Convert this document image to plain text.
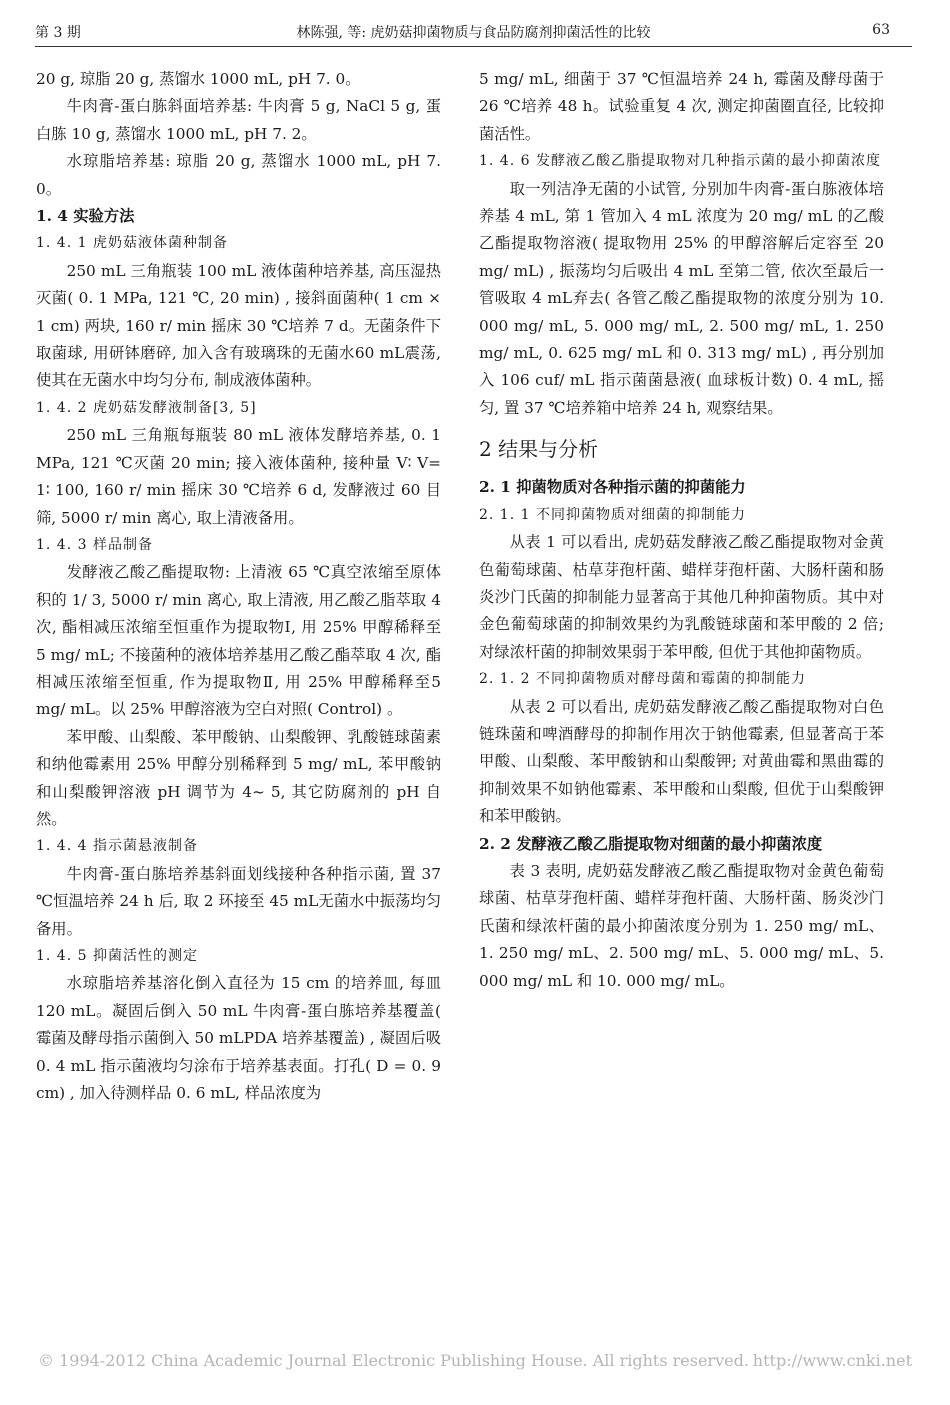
第 3 期	林陈强, 等: 虎奶菇抑菌物质与食品防腐剂抑菌活性的比较	63

20 g, 琼脂 20 g, 蒸馏水 1000 mL, pH 7. 0。

牛肉膏-蛋白胨斜面培养基: 牛肉膏 5 g, NaCl 5 g, 蛋白胨 10 g, 蒸馏水 1000 mL, pH 7. 2。

水琼脂培养基: 琼脂 20 g, 蒸馏水 1000 mL, pH 7. 0。

1. 4 实验方法

1. 4. 1 虎奶菇液体菌种制备

250 mL 三角瓶装 100 mL 液体菌种培养基, 高压湿热灭菌( 0. 1 MPa, 121 ℃, 20 min) , 接斜面菌种( 1 cm × 1 cm) 两块, 160 r/ min 摇床 30 ℃培养 7 d。无菌条件下取菌球, 用研钵磨碎, 加入含有玻璃珠的无菌水60 mL震荡, 使其在无菌水中均匀分布, 制成液体菌种。

1. 4. 2 虎奶菇发酵液制备[3, 5]

250 mL 三角瓶每瓶装 80 mL 液体发酵培养基, 0. 1 MPa, 121 ℃灭菌 20 min; 接入液体菌种, 接种量 V∶ V= 1∶ 100, 160 r/ min 摇床 30 ℃培养 6 d, 发酵液过 60 目筛, 5000 r/ min 离心, 取上清液备用。

1. 4. 3 样品制备

发酵液乙酸乙酯提取物: 上清液 65 ℃真空浓缩至原体积的 1/ 3, 5000 r/ min 离心, 取上清液, 用乙酸乙脂萃取 4 次, 酯相减压浓缩至恒重作为提取物Ⅰ, 用 25% 甲醇稀释至 5 mg/ mL; 不接菌种的液体培养基用乙酸乙酯萃取 4 次, 酯相减压浓缩至恒重, 作为提取物Ⅱ, 用 25% 甲醇稀释至5 mg/ mL。以 25% 甲醇溶液为空白对照( Control) 。

苯甲酸、山梨酸、苯甲酸钠、山梨酸钾、乳酸链球菌素和纳他霉素用 25% 甲醇分别稀释到 5 mg/ mL, 苯甲酸钠和山梨酸钾溶液 pH 调节为 4~ 5, 其它防腐剂的 pH 自然。

1. 4. 4 指示菌悬液制备

牛肉膏-蛋白胨培养基斜面划线接种各种指示菌, 置 37 ℃恒温培养 24 h 后, 取 2 环接至 45 mL无菌水中振荡均匀备用。

1. 4. 5 抑菌活性的测定

水琼脂培养基溶化倒入直径为 15 cm 的培养皿, 每皿 120 mL。凝固后倒入 50 mL 牛肉膏-蛋白胨培养基覆盖( 霉菌及酵母指示菌倒入 50 mLPDA 培养基覆盖) , 凝固后吸 0. 4 mL 指示菌液均匀涂布于培养基表面。打孔( D = 0. 9 cm) , 加入待测样品 0. 6 mL, 样品浓度为

5 mg/ mL, 细菌于 37 ℃恒温培养 24 h, 霉菌及酵母菌于 26 ℃培养 48 h。试验重复 4 次, 测定抑菌圈直径, 比较抑菌活性。

1. 4. 6 发酵液乙酸乙脂提取物对几种指示菌的最小抑菌浓度

取一列洁净无菌的小试管, 分别加牛肉膏-蛋白胨液体培养基 4 mL, 第 1 管加入 4 mL 浓度为 20 mg/ mL 的乙酸乙酯提取物溶液( 提取物用 25% 的甲醇溶解后定容至 20 mg/ mL) , 振荡均匀后吸出 4 mL 至第二管, 依次至最后一管吸取 4 mL弃去( 各管乙酸乙酯提取物的浓度分别为 10. 000 mg/ mL, 5. 000 mg/ mL, 2. 500 mg/ mL, 1. 250 mg/ mL, 0. 625 mg/ mL 和 0. 313 mg/ mL) , 再分别加入 106 cuf/ mL 指示菌菌悬液( 血球板计数) 0. 4 mL, 摇匀, 置 37 ℃培养箱中培养 24 h, 观察结果。

2 结果与分析

2. 1 抑菌物质对各种指示菌的抑菌能力

2. 1. 1 不同抑菌物质对细菌的抑制能力

从表 1 可以看出, 虎奶菇发酵液乙酸乙酯提取物对金黄色葡萄球菌、枯草芽孢杆菌、蜡样芽孢杆菌、大肠杆菌和肠炎沙门氏菌的抑制能力显著高于其他几种抑菌物质。其中对金色葡萄球菌的抑制效果约为乳酸链球菌和苯甲酸的 2 倍; 对绿浓杆菌的抑制效果弱于苯甲酸, 但优于其他抑菌物质。

2. 1. 2 不同抑菌物质对酵母菌和霉菌的抑制能力

从表 2 可以看出, 虎奶菇发酵液乙酸乙酯提取物对白色链珠菌和啤酒酵母的抑制作用次于钠他霉素, 但显著高于苯甲酸、山梨酸、苯甲酸钠和山梨酸钾; 对黄曲霉和黑曲霉的抑制效果不如钠他霉素、苯甲酸和山梨酸, 但优于山梨酸钾和苯甲酸钠。

2. 2 发酵液乙酸乙脂提取物对细菌的最小抑菌浓度

表 3 表明, 虎奶菇发酵液乙酸乙酯提取物对金黄色葡萄球菌、枯草芽孢杆菌、蜡样芽孢杆菌、大肠杆菌、肠炎沙门氏菌和绿浓杆菌的最小抑菌浓度分别为 1. 250 mg/ mL、1. 250 mg/ mL、2. 500 mg/ mL、5. 000 mg/ mL、5. 000 mg/ mL 和 10. 000 mg/ mL。

© 1994-2012 China Academic Journal Electronic Publishing House. All rights reserved. http://www.cnki.net
